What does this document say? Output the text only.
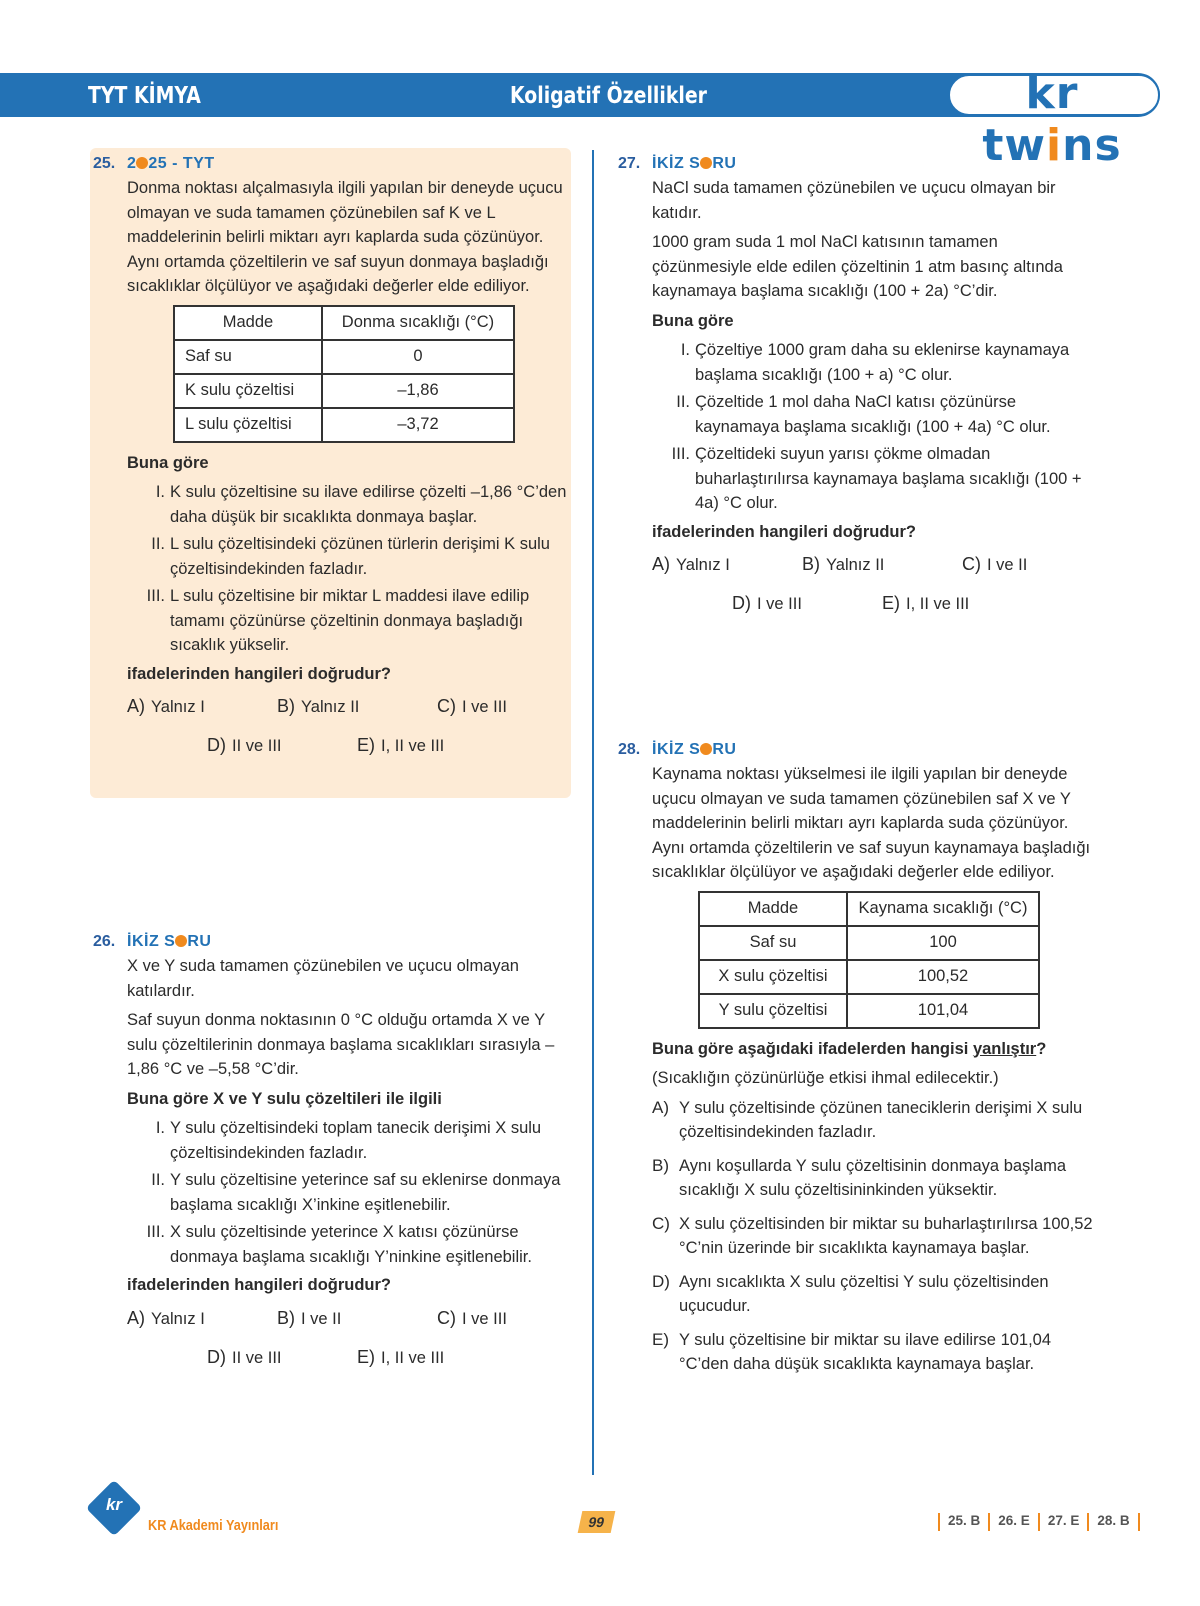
TYT KİMYA	Koligatif Özellikler	kr twins
25. 2 25 - TYT

Donma noktası alçalmasıyla ilgili yapılan bir deneyde uçucu olmayan ve suda tamamen çözünebilen saf K ve L maddelerinin belirli miktarı ayrı kaplarda suda çözünüyor. Aynı ortamda çözeltilerin ve saf suyun donmaya başladığı sıcaklıklar ölçülüyor ve aşağıdaki değerler elde ediliyor.

Madde	Donma sıcaklığı (°C)
Saf su	0
K sulu çözeltisi	–1,86
L sulu çözeltisi	–3,72

Buna göre

I. K sulu çözeltisine su ilave edilirse çözelti –1,86 °C’den daha düşük bir sıcaklıkta donmaya başlar.
II. L sulu çözeltisindeki çözünen türlerin derişimi K sulu çözeltisindekinden fazladır.
III. L sulu çözeltisine bir miktar L maddesi ilave edilip tamamı çözünürse çözeltinin donmaya başladığı sıcaklık yükselir.

ifadelerinden hangileri doğrudur?

A) Yalnız I	B) Yalnız II	C) I ve III
D) II ve III	E) I, II ve III
26. İKİZ S RU

X ve Y suda tamamen çözünebilen ve uçucu olmayan katılardır.

Saf suyun donma noktasının 0 °C olduğu ortamda X ve Y sulu çözeltilerinin donmaya başlama sıcaklıkları sırasıyla –1,86 °C ve –5,58 °C’dir.

Buna göre X ve Y sulu çözeltileri ile ilgili

I. Y sulu çözeltisindeki toplam tanecik derişimi X sulu çözeltisindekinden fazladır.
II. Y sulu çözeltisine yeterince saf su eklenirse donmaya başlama sıcaklığı X’inkine eşitlenebilir.
III. X sulu çözeltisinde yeterince X katısı çözünürse donmaya başlama sıcaklığı Y’ninkine eşitlenebilir.

ifadelerinden hangileri doğrudur?

A) Yalnız I	B) I ve II	C) I ve III
D) II ve III	E) I, II ve III
27. İKİZ S RU

NaCl suda tamamen çözünebilen ve uçucu olmayan bir katıdır.

1000 gram suda 1 mol NaCl katısının tamamen çözünmesiyle elde edilen çözeltinin 1 atm basınç altında kaynamaya başlama sıcaklığı (100 + 2a) °C’dir.

Buna göre

I. Çözeltiye 1000 gram daha su eklenirse kaynamaya başlama sıcaklığı (100 + a) °C olur.
II. Çözeltide 1 mol daha NaCl katısı çözünürse kaynamaya başlama sıcaklığı (100 + 4a) °C olur.
III. Çözeltideki suyun yarısı çökme olmadan buharlaştırılırsa kaynamaya başlama sıcaklığı (100 + 4a) °C olur.

ifadelerinden hangileri doğrudur?

A) Yalnız I	B) Yalnız II	C) I ve II
D) I ve III	E) I, II ve III
28. İKİZ S RU

Kaynama noktası yükselmesi ile ilgili yapılan bir deneyde uçucu olmayan ve suda tamamen çözünebilen saf X ve Y maddelerinin belirli miktarı ayrı kaplarda suda çözünüyor. Aynı ortamda çözeltilerin ve saf suyun kaynamaya başladığı sıcaklıklar ölçülüyor ve aşağıdaki değerler elde ediliyor.

Madde	Kaynama sıcaklığı (°C)
Saf su	100
X sulu çözeltisi	100,52
Y sulu çözeltisi	101,04

Buna göre aşağıdaki ifadelerden hangisi yanlıştır?

(Sıcaklığın çözünürlüğe etkisi ihmal edilecektir.)

A) Y sulu çözeltisinde çözünen taneciklerin derişimi X sulu çözeltisindekinden fazladır.
B) Aynı koşullarda Y sulu çözeltisinin donmaya başlama sıcaklığı X sulu çözeltisininkinden yüksektir.
C) X sulu çözeltisinden bir miktar su buharlaştırılırsa 100,52 °C’nin üzerinde bir sıcaklıkta kaynamaya başlar.
D) Aynı sıcaklıkta X sulu çözeltisi Y sulu çözeltisinden uçucudur.
E) Y sulu çözeltisine bir miktar su ilave edilirse 101,04 °C’den daha düşük sıcaklıkta kaynamaya başlar.
kr
KR Akademi Yayınları	99	25. B 26. E 27. E 28. B
